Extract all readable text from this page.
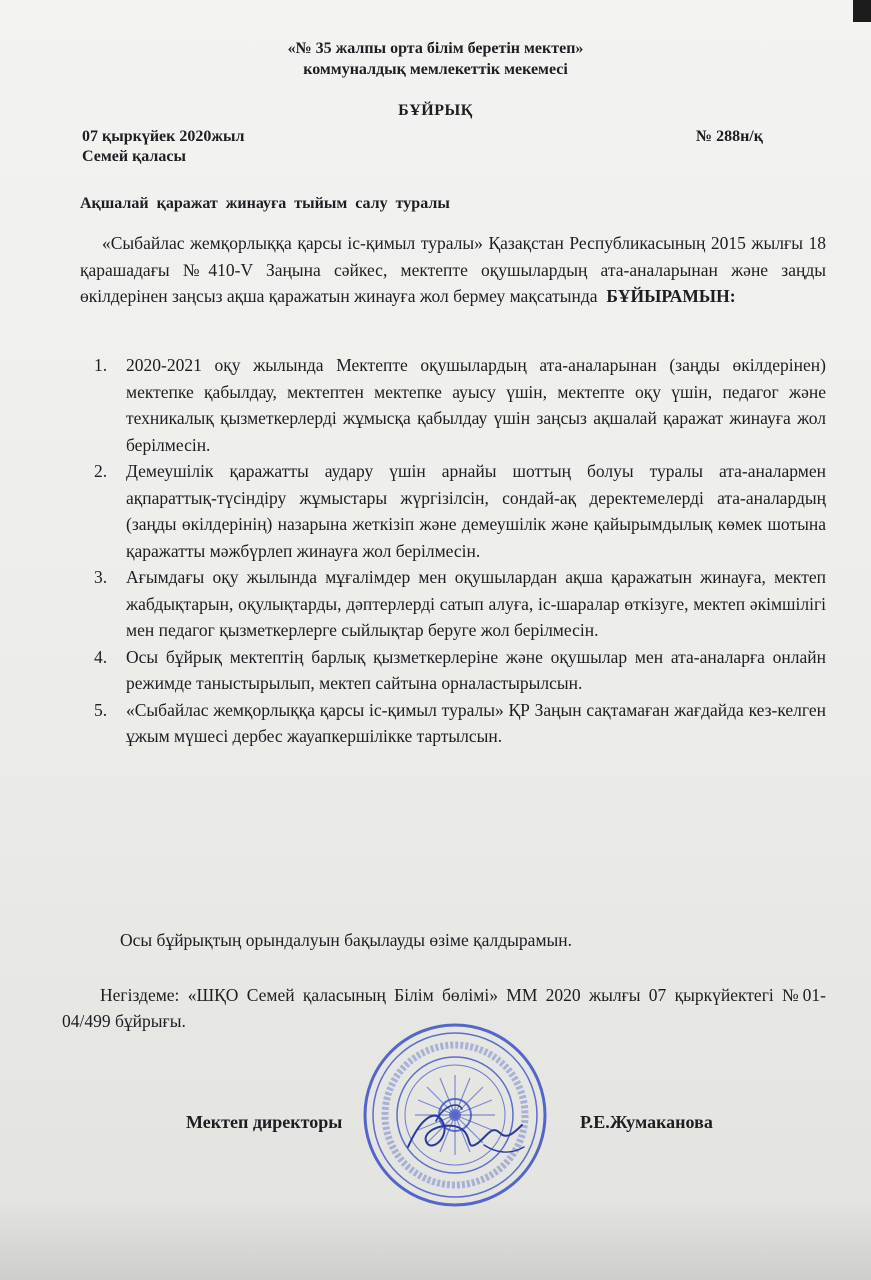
«№ 35 жалпы орта білім беретін мектеп»
коммуналдық мемлекеттік мекемесі
БҰЙРЫҚ
07 қыркүйек 2020жыл
Семей қаласы
№ 288н/қ
Ақшалай қаражат жинауға тыйым салу туралы
«Сыбайлас жемқорлыққа қарсы іс-қимыл туралы» Қазақстан Республикасының 2015 жылғы 18 қарашадағы №410-V Заңына сәйкес, мектепте оқушылардың ата-аналарынан және заңды өкілдерінен заңсыз ақша қаражатын жинауға жол бермеу мақсатында БҰЙЫРАМЫН:
1. 2020-2021 оқу жылында Мектепте оқушылардың ата-аналарынан (заңды өкілдерінен) мектепке қабылдау, мектептен мектепке ауысу үшін, мектепте оқу үшін, педагог және техникалық қызметкерлерді жұмысқа қабылдау үшін заңсыз ақшалай қаражат жинауға жол берілмесін.
2. Демеушілік қаражатты аудару үшін арнайы шоттың болуы туралы ата-аналармен ақпараттық-түсіндіру жұмыстары жүргізілсін, сондай-ақ деректемелерді ата-аналардың (заңды өкілдерінің) назарына жеткізіп және демеушілік және қайырымдылық көмек шотына қаражатты мәжбүрлеп жинауға жол берілмесін.
3. Ағымдағы оқу жылында мұғалімдер мен оқушылардан ақша қаражатын жинауға, мектеп жабдықтарын, оқулықтарды, дәптерлерді сатып алуға, іс-шаралар өткізуге, мектеп әкімшілігі мен педагог қызметкерлерге сыйлықтар беруге жол берілмесін.
4. Осы бұйрық мектептің барлық қызметкерлеріне және оқушылар мен ата-аналарға онлайн режимде таныстырылып, мектеп сайтына орналастырылсын.
5. «Сыбайлас жемқорлыққа қарсы іс-қимыл туралы» ҚР Заңын сақтамаған жағдайда кез-келген ұжым мүшесі дербес жауапкершілікке тартылсын.
Осы бұйрықтың орындалуын бақылауды өзіме қалдырамын.
Негіздеме: «ШҚО Семей қаласының Білім бөлімі» ММ 2020 жылғы 07 қыркүйектегі №01-04/499 бұйрығы.
Мектеп директоры	Р.Е.Жумаканова
